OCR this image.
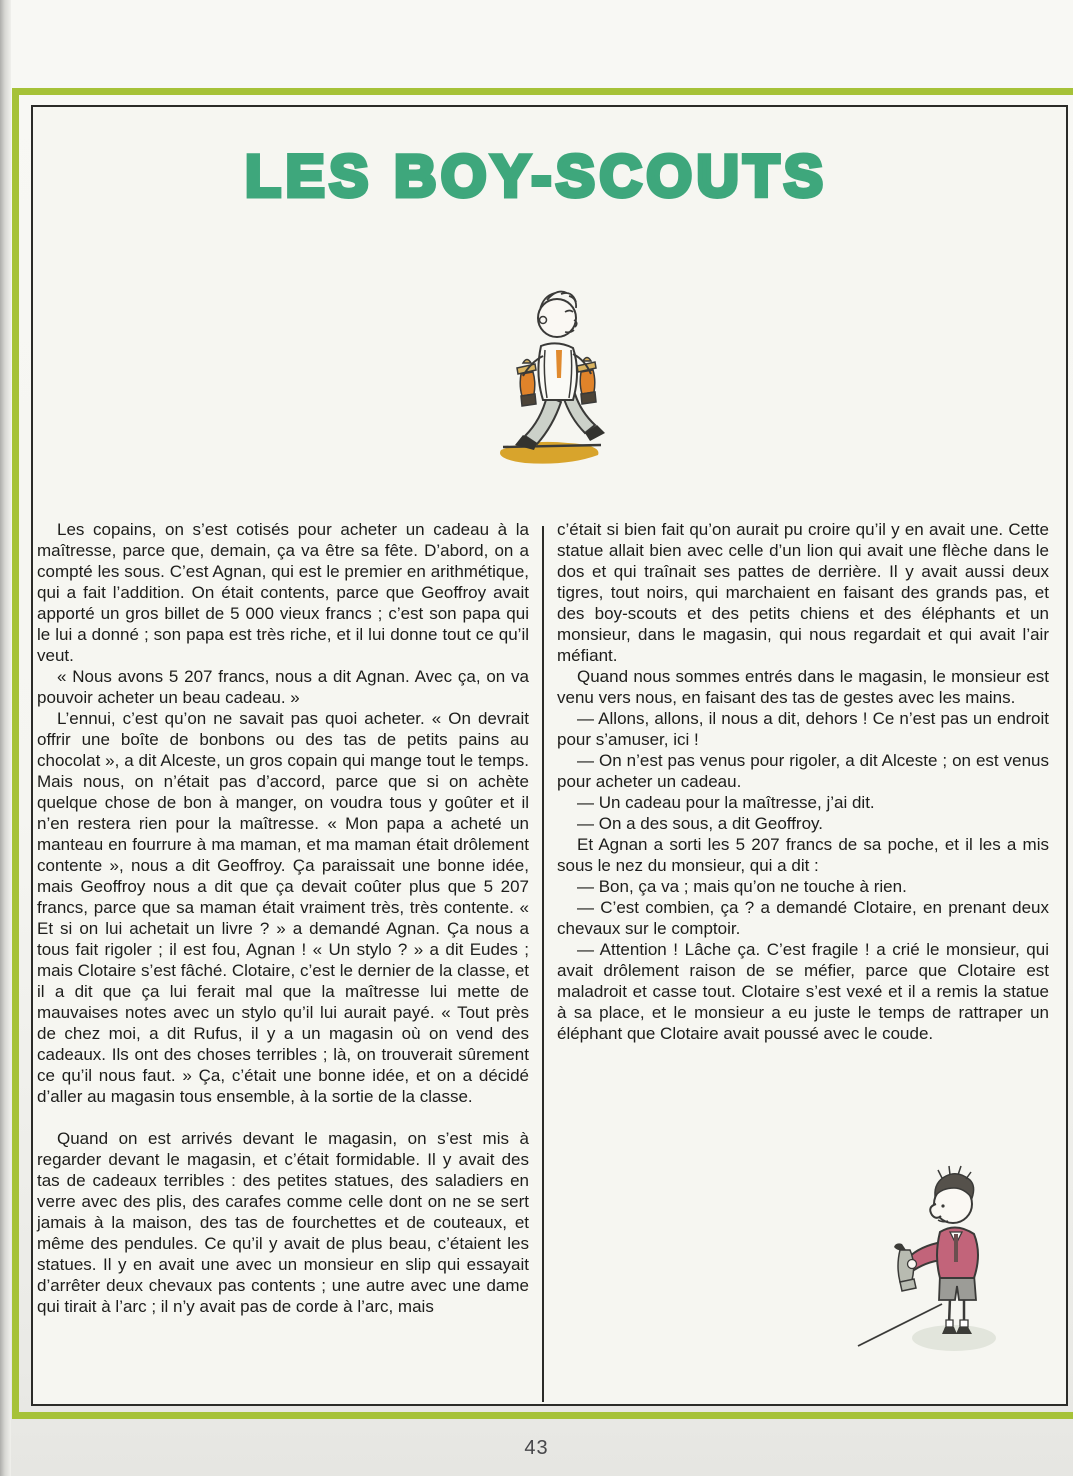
LES BOY-SCOUTS

Les copains, on s’est cotisés pour acheter un cadeau à la maîtresse, parce que, demain, ça va être sa fête. D’abord, on a compté les sous. C’est Agnan, qui est le premier en arithmétique, qui a fait l’addition. On était contents, parce que Geoffroy avait apporté un gros billet de 5 000 vieux francs ; c’est son papa qui le lui a donné ; son papa est très riche, et il lui donne tout ce qu’il veut.

« Nous avons 5 207 francs, nous a dit Agnan. Avec ça, on va pouvoir acheter un beau cadeau. »

L’ennui, c’est qu’on ne savait pas quoi acheter. « On devrait offrir une boîte de bonbons ou des tas de petits pains au chocolat », a dit Alceste, un gros copain qui mange tout le temps. Mais nous, on n’était pas d’accord, parce que si on achète quelque chose de bon à manger, on voudra tous y goûter et il n’en restera rien pour la maîtresse. « Mon papa a acheté un manteau en fourrure à ma maman, et ma maman était drôlement contente », nous a dit Geoffroy. Ça paraissait une bonne idée, mais Geoffroy nous a dit que ça devait coûter plus que 5 207 francs, parce que sa maman était vraiment très, très contente. « Et si on lui achetait un livre ? » a demandé Agnan. Ça nous a tous fait rigoler ; il est fou, Agnan ! « Un stylo ? » a dit Eudes ; mais Clotaire s’est fâché. Clotaire, c’est le dernier de la classe, et il a dit que ça lui ferait mal que la maîtresse lui mette de mauvaises notes avec un stylo qu’il lui aurait payé. « Tout près de chez moi, a dit Rufus, il y a un magasin où on vend des cadeaux. Ils ont des choses terribles ; là, on trouverait sûrement ce qu’il nous faut. » Ça, c’était une bonne idée, et on a décidé d’aller au magasin tous ensemble, à la sortie de la classe.

Quand on est arrivés devant le magasin, on s’est mis à regarder devant le magasin, et c’était formidable. Il y avait des tas de cadeaux terribles : des petites statues, des saladiers en verre avec des plis, des carafes comme celle dont on ne se sert jamais à la maison, des tas de fourchettes et de couteaux, et même des pendules. Ce qu’il y avait de plus beau, c’étaient les statues. Il y en avait une avec un monsieur en slip qui essayait d’arrêter deux chevaux pas contents ; une autre avec une dame qui tirait à l’arc ; il n’y avait pas de corde à l’arc, mais

c’était si bien fait qu’on aurait pu croire qu’il y en avait une. Cette statue allait bien avec celle d’un lion qui avait une flèche dans le dos et qui traînait ses pattes de derrière. Il y avait aussi deux tigres, tout noirs, qui marchaient en faisant des grands pas, et des boy-scouts et des petits chiens et des éléphants et un monsieur, dans le magasin, qui nous regardait et qui avait l’air méfiant.

Quand nous sommes entrés dans le magasin, le monsieur est venu vers nous, en faisant des tas de gestes avec les mains.

— Allons, allons, il nous a dit, dehors ! Ce n’est pas un endroit pour s’amuser, ici !

— On n’est pas venus pour rigoler, a dit Alceste ; on est venus pour acheter un cadeau.

— Un cadeau pour la maîtresse, j’ai dit.

— On a des sous, a dit Geoffroy.

Et Agnan a sorti les 5 207 francs de sa poche, et il les a mis sous le nez du monsieur, qui a dit :

— Bon, ça va ; mais qu’on ne touche à rien.

— C’est combien, ça ? a demandé Clotaire, en prenant deux chevaux sur le comptoir.

— Attention ! Lâche ça. C’est fragile ! a crié le monsieur, qui avait drôlement raison de se méfier, parce que Clotaire est maladroit et casse tout. Clotaire s’est vexé et il a remis la statue à sa place, et le monsieur a eu juste le temps de rattraper un éléphant que Clotaire avait poussé avec le coude.

43
